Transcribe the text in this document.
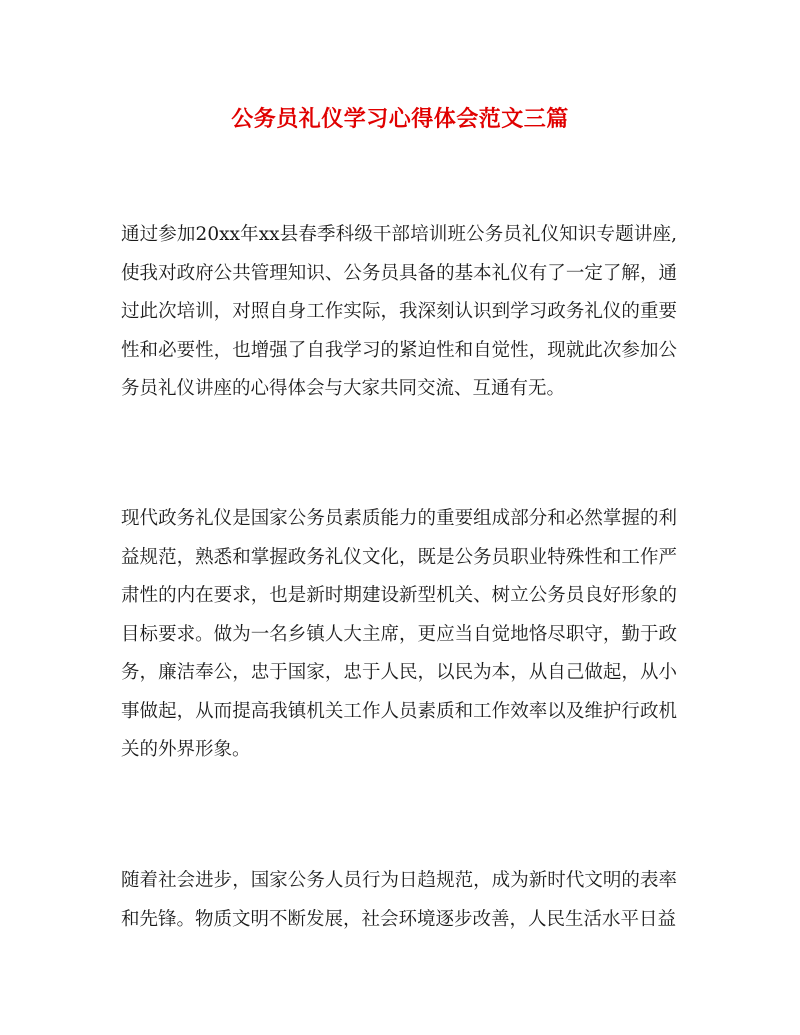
公务员礼仪学习心得体会范文三篇

通过参加20xx年xx县春季科级干部培训班公务员礼仪知识专题讲座,使我对政府公共管理知识、公务员具备的基本礼仪有了一定了解，通过此次培训，对照自身工作实际，我深刻认识到学习政务礼仪的重要性和必要性，也增强了自我学习的紧迫性和自觉性，现就此次参加公务员礼仪讲座的心得体会与大家共同交流、互通有无。

现代政务礼仪是国家公务员素质能力的重要组成部分和必然掌握的利益规范，熟悉和掌握政务礼仪文化，既是公务员职业特殊性和工作严肃性的内在要求，也是新时期建设新型机关、树立公务员良好形象的目标要求。做为一名乡镇人大主席，更应当自觉地恪尽职守，勤于政务，廉洁奉公，忠于国家，忠于人民，以民为本，从自己做起，从小事做起，从而提高我镇机关工作人员素质和工作效率以及维护行政机关的外界形象。

随着社会进步，国家公务人员行为日趋规范，成为新时代文明的表率和先锋。物质文明不断发展，社会环境逐步改善，人民生活水平日益
